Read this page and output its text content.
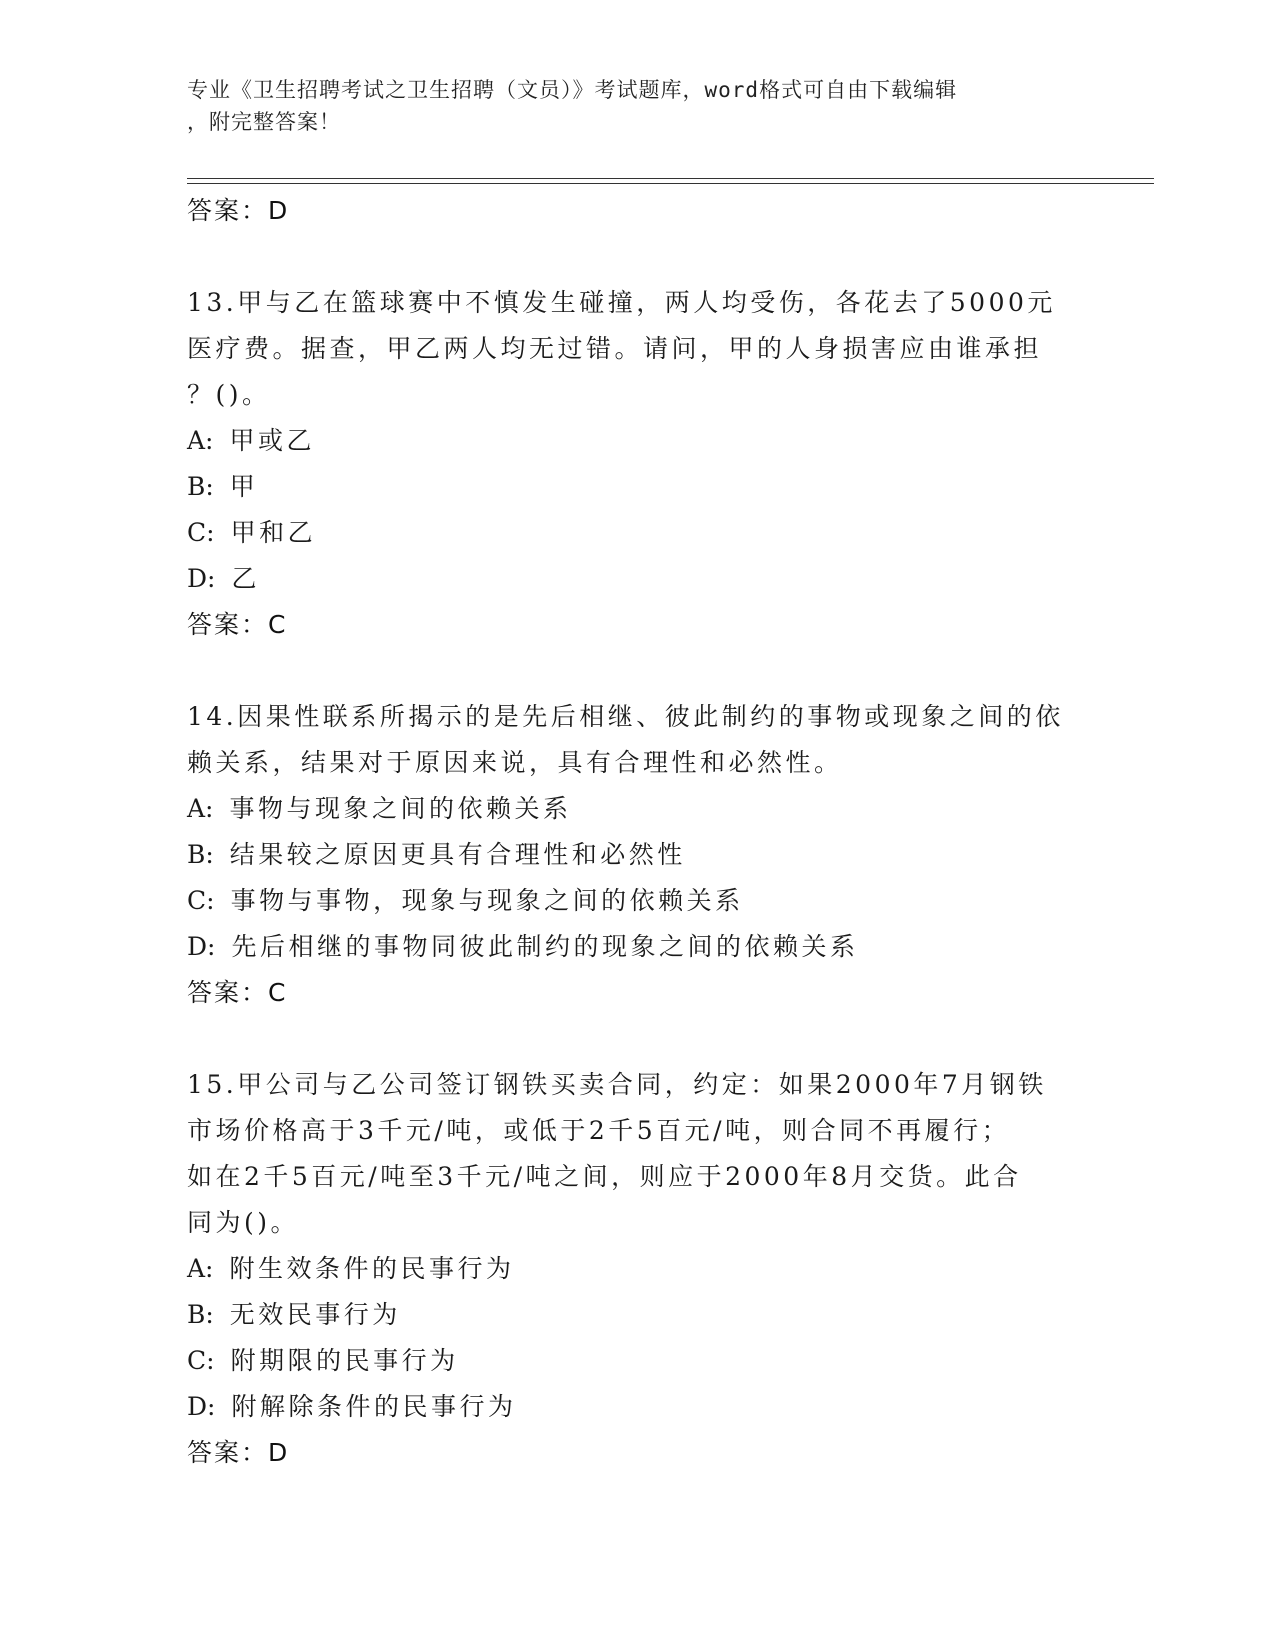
专业《卫生招聘考试之卫生招聘（文员）》考试题库，word格式可自由下载编辑
，附完整答案！

答案：D

13.甲与乙在篮球赛中不慎发生碰撞，两人均受伤，各花去了5000元

医疗费。据查，甲乙两人均无过错。请问，甲的人身损害应由谁承担

？()。

A: 甲或乙

B: 甲

C: 甲和乙

D: 乙

答案：C

14.因果性联系所揭示的是先后相继、彼此制约的事物或现象之间的依

赖关系，结果对于原因来说，具有合理性和必然性。

A: 事物与现象之间的依赖关系

B: 结果较之原因更具有合理性和必然性

C: 事物与事物，现象与现象之间的依赖关系

D: 先后相继的事物同彼此制约的现象之间的依赖关系

答案：C

15.甲公司与乙公司签订钢铁买卖合同，约定：如果2000年7月钢铁

市场价格高于3千元/吨，或低于2千5百元/吨，则合同不再履行；

如在2千5百元/吨至3千元/吨之间，则应于2000年8月交货。此合

同为()。

A: 附生效条件的民事行为

B: 无效民事行为

C: 附期限的民事行为

D: 附解除条件的民事行为

答案：D
